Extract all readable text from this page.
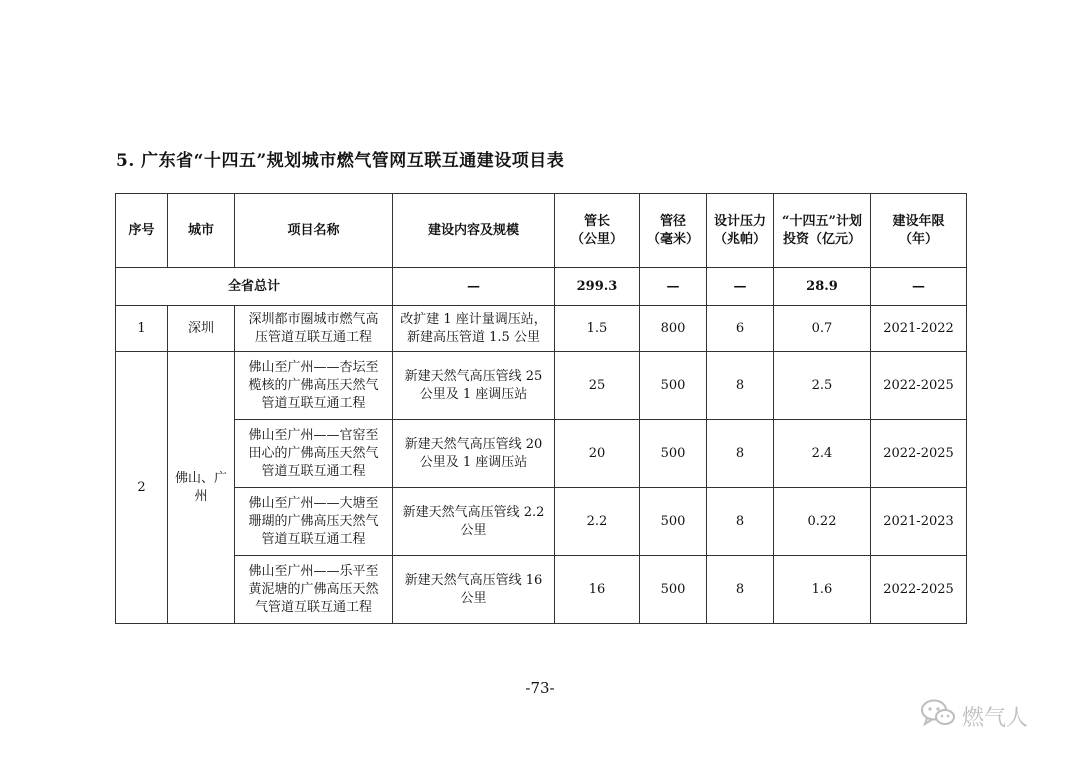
5. 广东省“十四五”规划城市燃气管网互联互通建设项目表
序号	城市	项目名称	建设内容及规模	管长
（公里）	管径
（毫米）	设计压力
（兆帕）	“十四五”计划
投资（亿元）	建设年限
（年）
全省总计			—	299.3	—	—	28.9	—
1	深圳	深圳都市圈城市燃气高
压管道互联互通工程	改扩建 1 座计量调压站，
新建高压管道 1.5 公里	1.5	800	6	0.7	2021-2022
2	佛山、广
州	佛山至广州——杏坛至
榄核的广佛高压天然气
管道互联互通工程	新建天然气高压管线 25
公里及 1 座调压站	25	500	8	2.5	2022-2025
		佛山至广州——官窑至
田心的广佛高压天然气
管道互联互通工程	新建天然气高压管线 20
公里及 1 座调压站	20	500	8	2.4	2022-2025
		佛山至广州——大塘至
珊瑚的广佛高压天然气
管道互联互通工程	新建天然气高压管线 2.2
公里	2.2	500	8	0.22	2021-2023
		佛山至广州——乐平至
黄泥塘的广佛高压天然
气管道互联互通工程	新建天然气高压管线 16
公里	16	500	8	1.6	2022-2025
-73-
燃气人
